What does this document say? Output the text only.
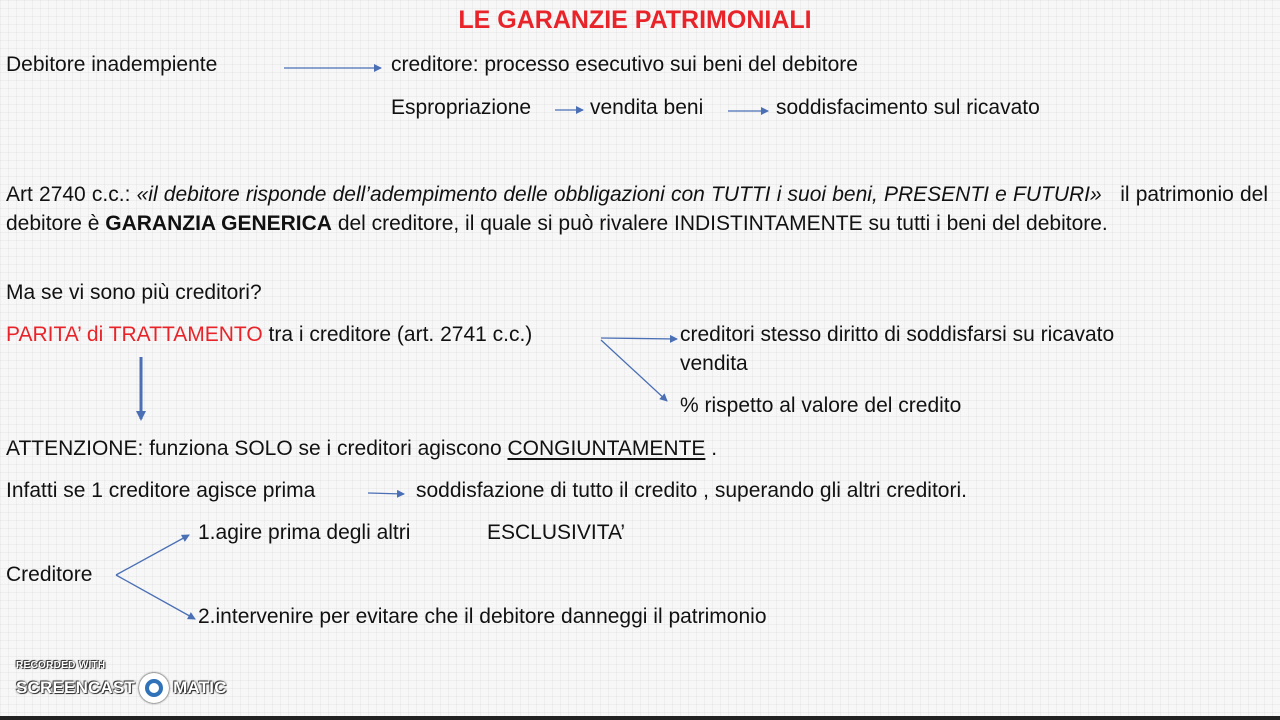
LE GARANZIE PATRIMONIALI
Debitore inadempiente	creditore: processo esecutivo sui beni del debitore
Espropriazione	vendita beni	soddisfacimento sul ricavato
Art 2740 c.c.: «il debitore risponde dell’adempimento delle obbligazioni con TUTTI i suoi beni, PRESENTI e FUTURI» il patrimonio del debitore è GARANZIA GENERICA del creditore, il quale si può rivalere INDISTINTAMENTE su tutti i beni del debitore.
Ma se vi sono più creditori?
PARITA’ di TRATTAMENTO tra i creditore (art. 2741 c.c.)	creditori stesso diritto di soddisfarsi su ricavato
vendita
% rispetto al valore del credito
ATTENZIONE: funziona SOLO se i creditori agiscono CONGIUNTAMENTE .
Infatti se 1 creditore agisce prima	soddisfazione di tutto il credito , superando gli altri creditori.
Creditore
1.agire prima degli altri	ESCLUSIVITA’
2.intervenire per evitare che il debitore danneggi il patrimonio
RECORDED WITH
SCREENCAST MATIC
